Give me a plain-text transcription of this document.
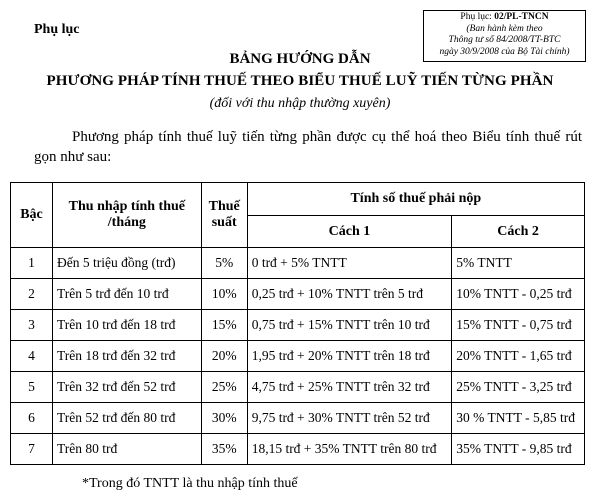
Phụ lục
Phụ lục: 02/PL-TNCN
(Ban hành kèm theo
Thông tư số 84/2008/TT-BTC
ngày 30/9/2008 của Bộ Tài chính)
BẢNG HƯỚNG DẪN
PHƯƠNG PHÁP TÍNH THUẾ THEO BIỂU THUẾ LUỸ TIẾN TỪNG PHẦN
(đối với thu nhập thường xuyên)
Phương pháp tính thuế luỹ tiến từng phần được cụ thể hoá theo Biểu tính thuế rút gọn như sau:
Bậc	Thu nhập tính thuế /tháng	Thuế suất	Tính số thuế phải nộp	
			Cách 1	Cách 2
1	Đến 5 triệu đồng (trđ)	5%	0 trđ + 5% TNTT	5% TNTT
2	Trên 5 trđ đến 10 trđ	10%	0,25 trđ + 10% TNTT trên 5 trđ	10% TNTT - 0,25 trđ
3	Trên 10 trđ đến 18 trđ	15%	0,75 trđ + 15% TNTT trên 10 trđ	15% TNTT - 0,75 trđ
4	Trên 18 trđ đến 32 trđ	20%	1,95 trđ + 20% TNTT trên 18 trđ	20% TNTT - 1,65 trđ
5	Trên 32 trđ đến 52 trđ	25%	4,75 trđ + 25% TNTT trên 32 trđ	25% TNTT - 3,25 trđ
6	Trên 52 trđ đến 80 trđ	30%	9,75 trđ + 30% TNTT trên 52 trđ	30 % TNTT - 5,85 trđ
7	Trên 80 trđ	35%	18,15 trđ + 35% TNTT trên 80 trđ	35% TNTT - 9,85 trđ
*Trong đó TNTT là thu nhập tính thuế
